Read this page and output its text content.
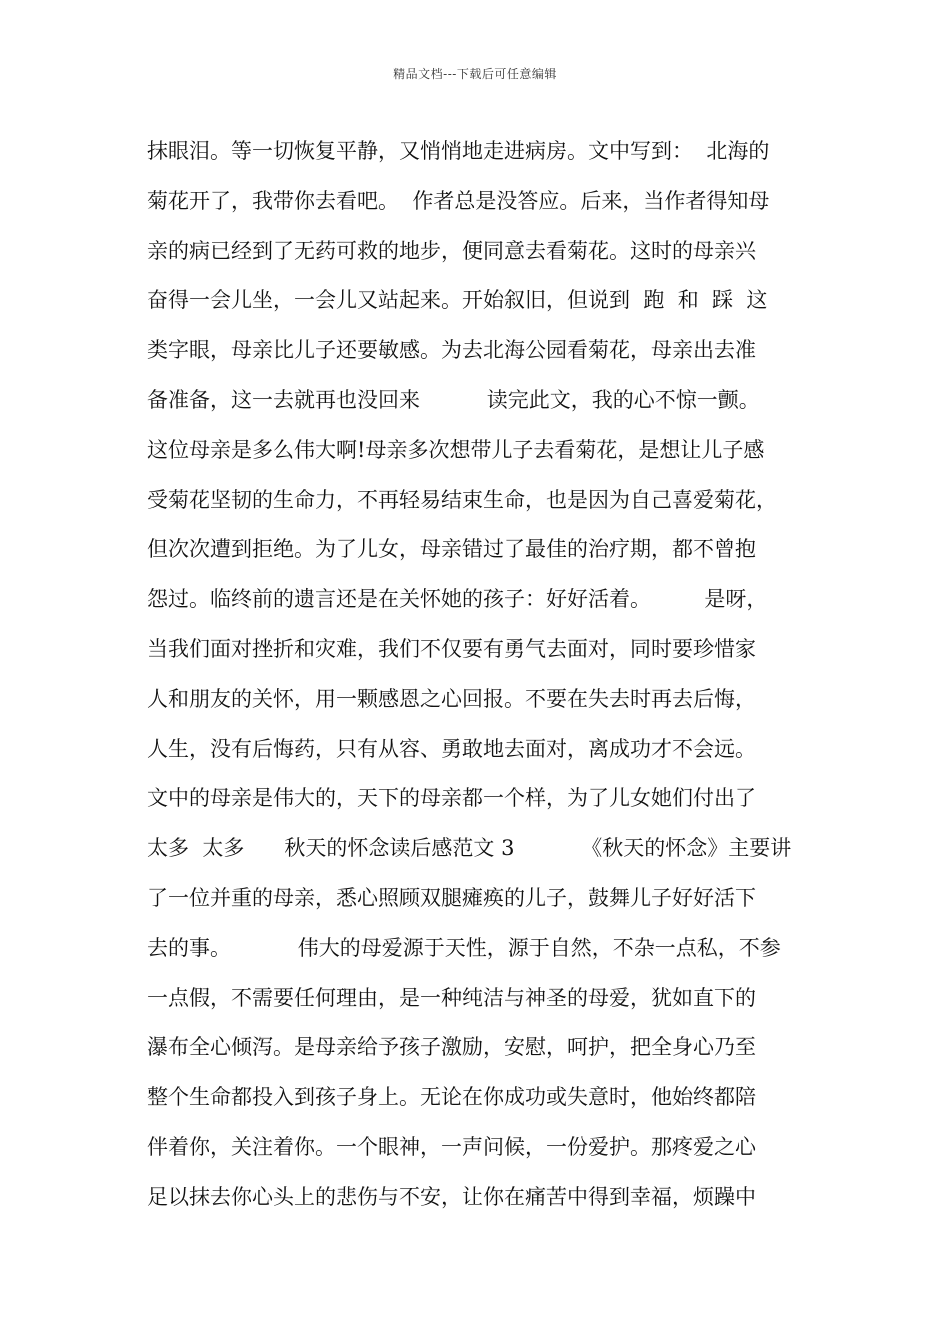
精品文档---下载后可任意编辑
抹眼泪。等一切恢复平静，又悄悄地走进病房。文中写到：  北海的
菊花开了，我带你去看吧。  作者总是没答应。后来，当作者得知母
亲的病已经到了无药可救的地步，便同意去看菊花。这时的母亲兴
奋得一会儿坐，一会儿又站起来。开始叙旧，但说到  跑  和  踩  这
类字眼，母亲比儿子还要敏感。为去北海公园看菊花，母亲出去准
备准备，这一去就再也没回来          读完此文，我的心不惊一颤。
这位母亲是多么伟大啊!母亲多次想带儿子去看菊花，是想让儿子感
受菊花坚韧的生命力，不再轻易结束生命，也是因为自己喜爱菊花，
但次次遭到拒绝。为了儿女，母亲错过了最佳的治疗期，都不曾抱
怨过。临终前的遗言还是在关怀她的孩子：好好活着。        是呀，
当我们面对挫折和灾难，我们不仅要有勇气去面对，同时要珍惜家
人和朋友的关怀，用一颗感恩之心回报。不要在失去时再去后悔，
人生，没有后悔药，只有从容、勇敢地去面对，离成功才不会远。
文中的母亲是伟大的，天下的母亲都一个样，为了儿女她们付出了
太多  太多      秋天的怀念读后感范文 3          《秋天的怀念》主要讲
了一位并重的母亲，悉心照顾双腿瘫痪的儿子，鼓舞儿子好好活下
去的事。          伟大的母爱源于天性，源于自然，不杂一点私，不参
一点假，不需要任何理由，是一种纯洁与神圣的母爱，犹如直下的
瀑布全心倾泻。是母亲给予孩子激励，安慰，呵护，把全身心乃至
整个生命都投入到孩子身上。无论在你成功或失意时，他始终都陪
伴着你，关注着你。一个眼神，一声问候，一份爱护。那疼爱之心
足以抹去你心头上的悲伤与不安，让你在痛苦中得到幸福，烦躁中
